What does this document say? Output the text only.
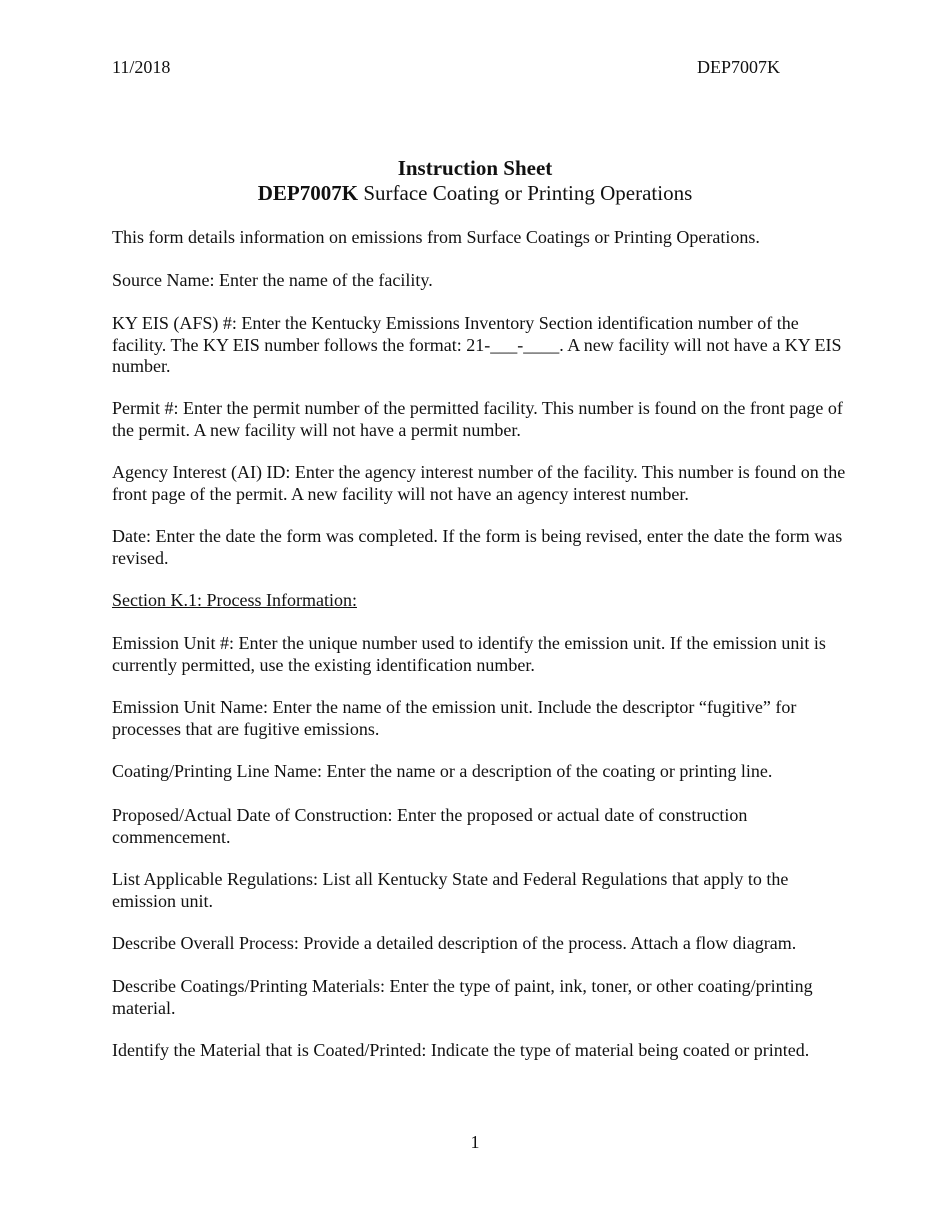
11/2018	DEP7007K
Instruction Sheet
DEP7007K Surface Coating or Printing Operations

This form details information on emissions from Surface Coatings or Printing Operations.

Source Name: Enter the name of the facility.

KY EIS (AFS) #: Enter the Kentucky Emissions Inventory Section identification number of the facility. The KY EIS number follows the format: 21-___-____. A new facility will not have a KY EIS number.

Permit #: Enter the permit number of the permitted facility. This number is found on the front page of the permit. A new facility will not have a permit number.

Agency Interest (AI) ID: Enter the agency interest number of the facility. This number is found on the front page of the permit. A new facility will not have an agency interest number.

Date: Enter the date the form was completed. If the form is being revised, enter the date the form was revised.

Section K.1: Process Information:

Emission Unit #: Enter the unique number used to identify the emission unit. If the emission unit is currently permitted, use the existing identification number.

Emission Unit Name: Enter the name of the emission unit. Include the descriptor “fugitive” for processes that are fugitive emissions.

Coating/Printing Line Name: Enter the name or a description of the coating or printing line.

Proposed/Actual Date of Construction: Enter the proposed or actual date of construction commencement.

List Applicable Regulations: List all Kentucky State and Federal Regulations that apply to the emission unit.

Describe Overall Process: Provide a detailed description of the process. Attach a flow diagram.

Describe Coatings/Printing Materials: Enter the type of paint, ink, toner, or other coating/printing material.

Identify the Material that is Coated/Printed: Indicate the type of material being coated or printed.

1
